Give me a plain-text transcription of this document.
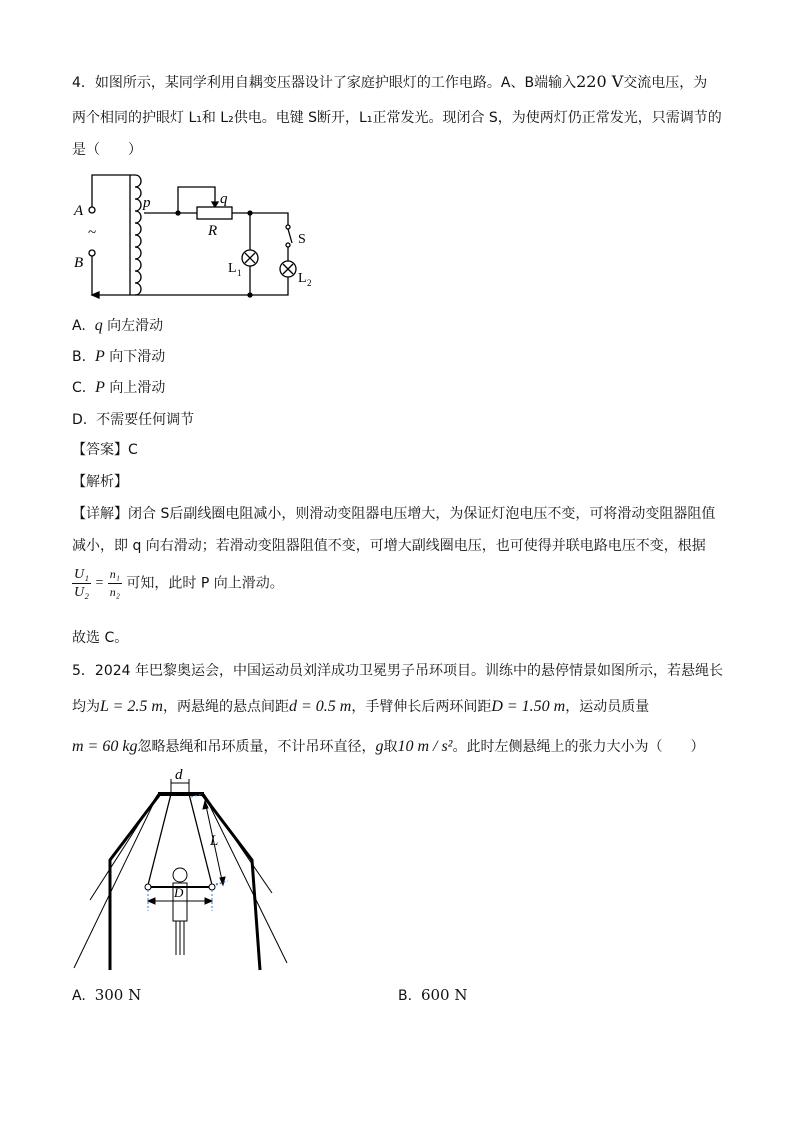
4．如图所示，某同学利用自耦变压器设计了家庭护眼灯的工作电路。A、B端输入220 V交流电压，为
两个相同的护眼灯 L₁和 L₂供电。电键 S断开，L₁正常发光。现闭合 S，为使两灯仍正常发光，只需调节的
是（　　）
A
~
B
p	q
R
S
L 1	L 2
A. q 向左滑动
B. P 向下滑动
C. P 向上滑动
D. 不需要任何调节
【答案】C
【解析】
【详解】闭合 S后副线圈电阻减小，则滑动变阻器电压增大，为保证灯泡电压不变，可将滑动变阻器阻值
减小，即 q 向右滑动；若滑动变阻器阻值不变，可增大副线圈电压，也可使得并联电路电压不变，根据
$\frac{\text{U₁}}{\text{U₂}} = \frac{\text{n₁}}{\text{n₂}}$ 可知，此时 P 向上滑动。
故选 C。
5．2024 年巴黎奥运会，中国运动员刘洋成功卫冕男子吊环项目。训练中的悬停情景如图所示，若悬绳长
均为L = 2.5 m，两悬绳的悬点间距d = 0.5 m，手臂伸长后两环间距D = 1.50 m，运动员质量
m = 60 kg忽略悬绳和吊环质量，不计吊环直径，g取10 m / s²。此时左侧悬绳上的张力大小为（　　）
d
L
D
A. 300 N	B. 600 N
